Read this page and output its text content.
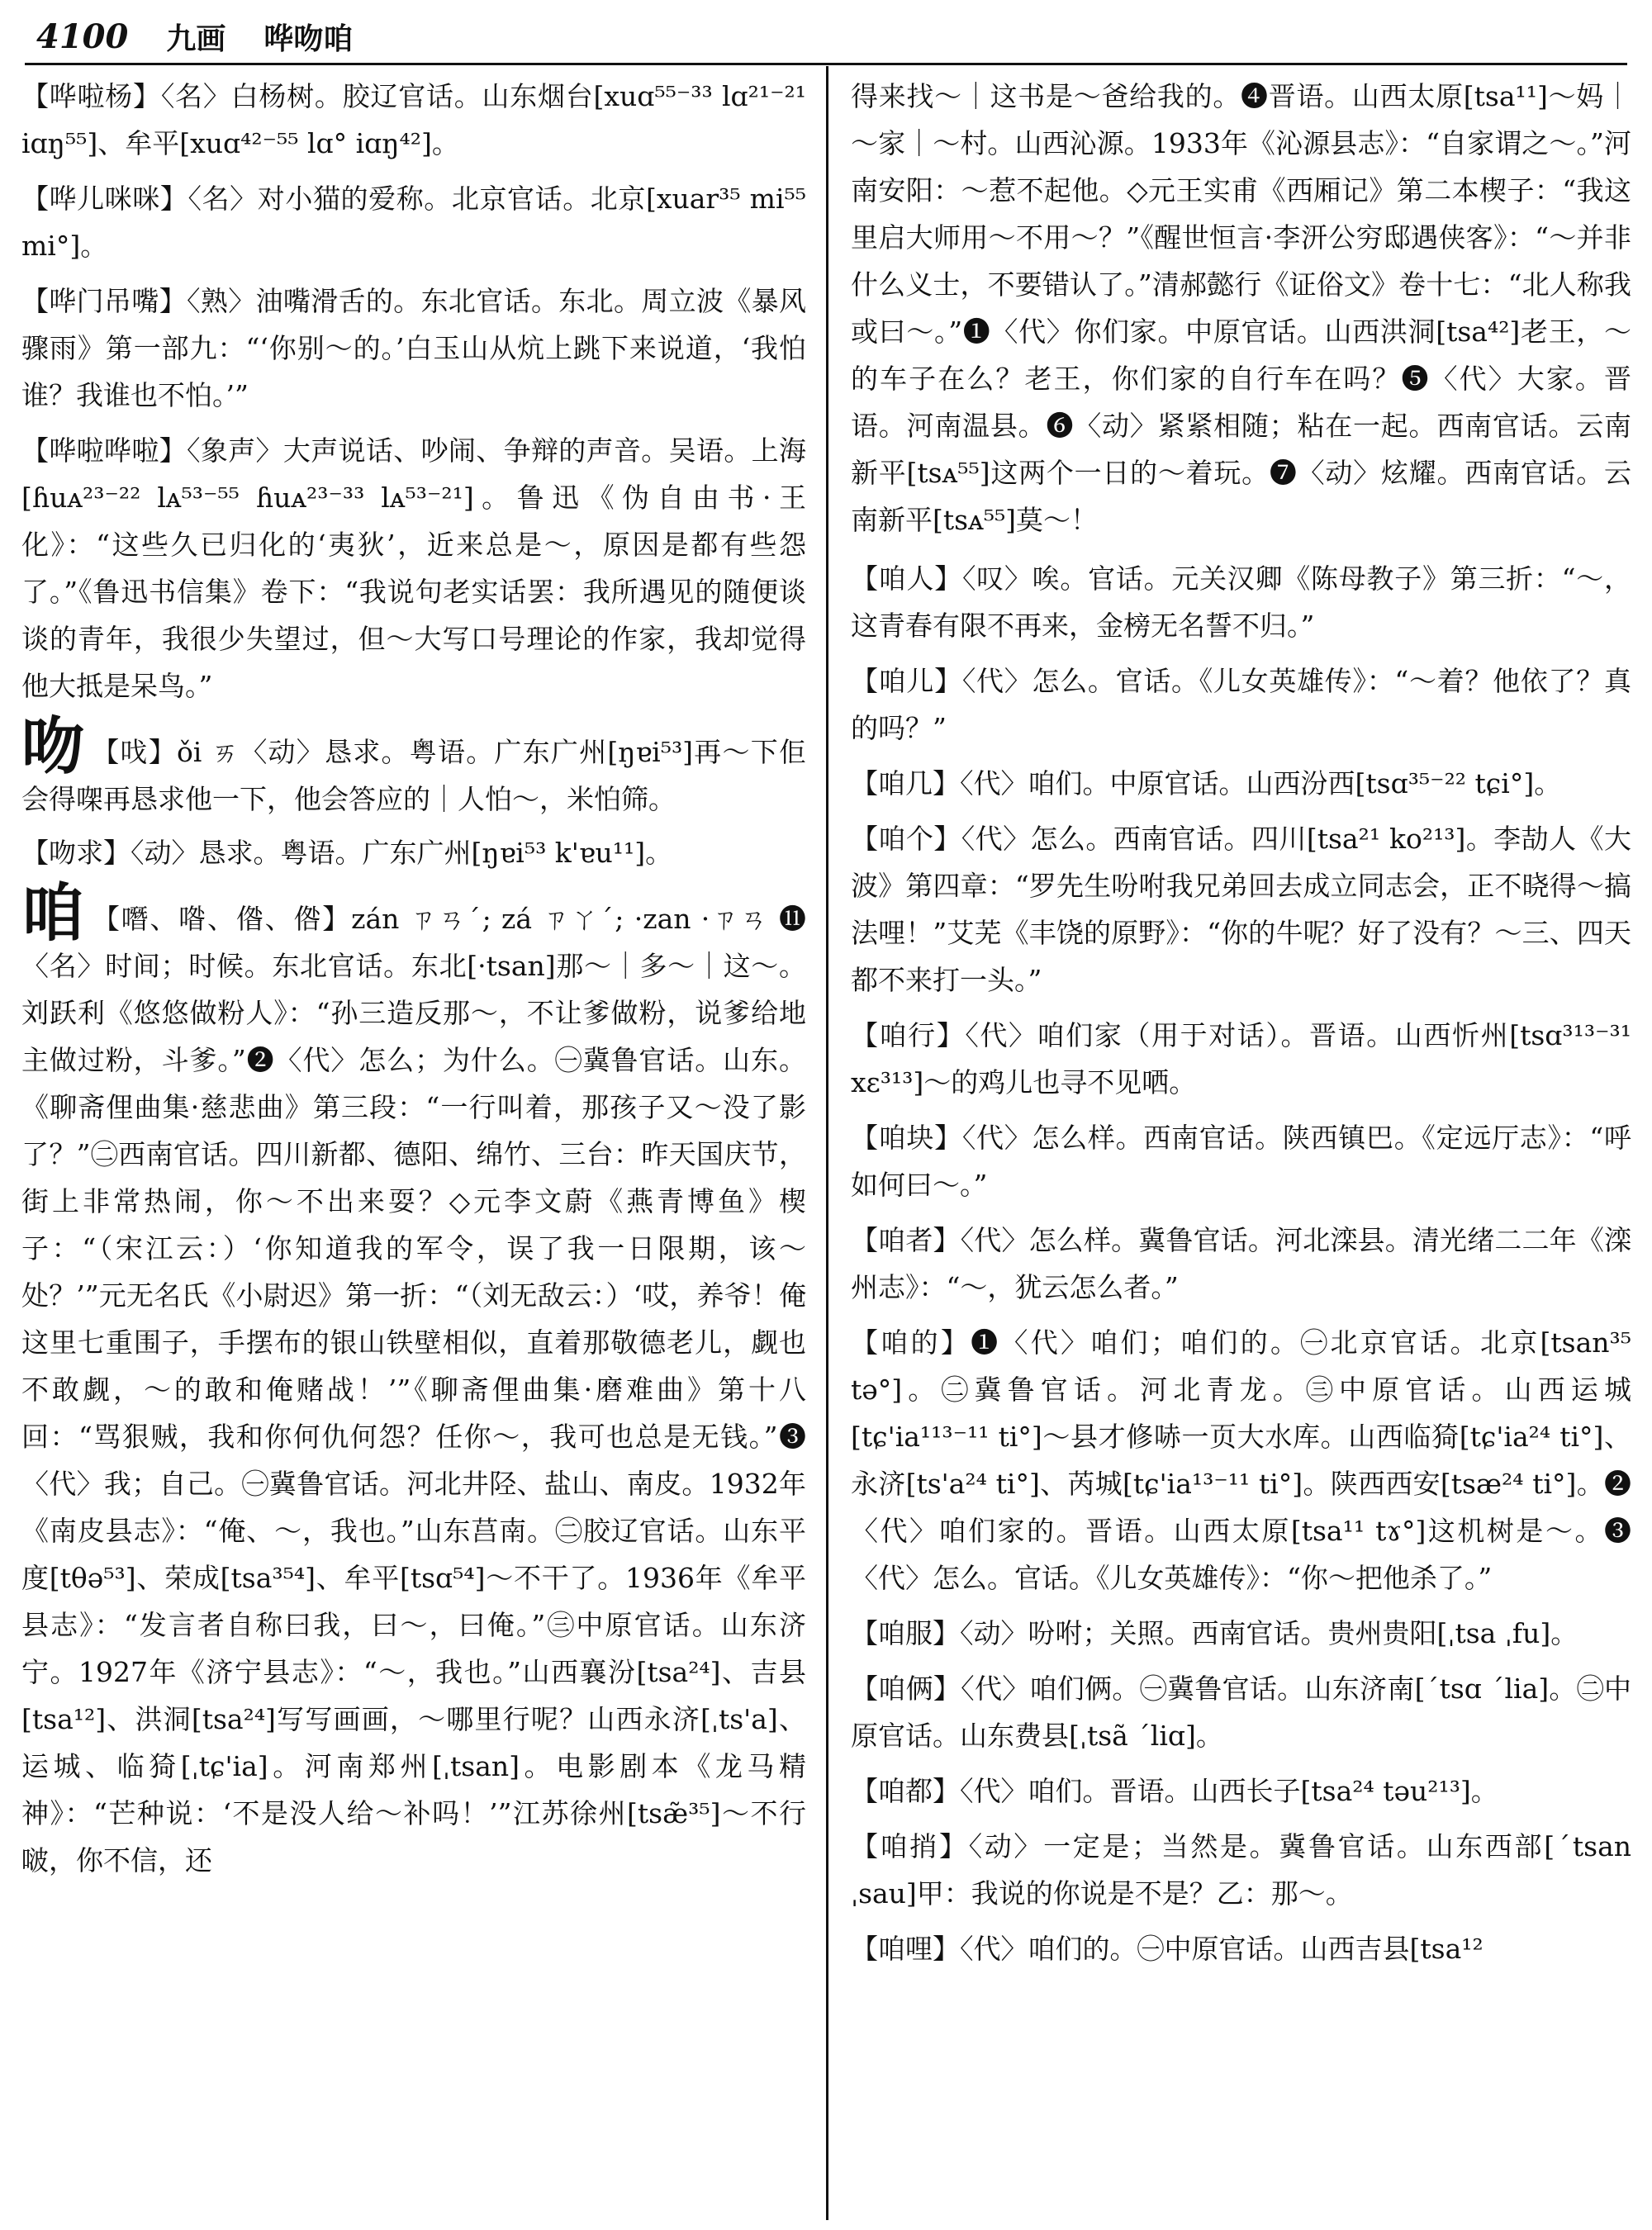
4100 九画 哗吻咱

【哗啦杨】〈名〉白杨树。胶辽官话。山东烟台[xuɑ⁵⁵⁻³³ lɑ²¹⁻²¹ iɑŋ⁵⁵]、牟平[xuɑ⁴²⁻⁵⁵ lɑ° iɑŋ⁴²]。

【哗儿咪咪】〈名〉对小猫的爱称。北京官话。北京[xuar³⁵ mi⁵⁵ mi°]。

【哗门吊嘴】〈熟〉油嘴滑舌的。东北官话。东北。周立波《暴风骤雨》第一部九：“‘你别～的。’白玉山从炕上跳下来说道，‘我怕谁？我谁也不怕。’”

【哗啦哗啦】〈象声〉大声说话、吵闹、争辩的声音。吴语。上海[ɦuᴀ²³⁻²² lᴀ⁵³⁻⁵⁵ ɦuᴀ²³⁻³³ lᴀ⁵³⁻²¹]。鲁迅《伪自由书·王化》：“这些久已归化的‘夷狄’，近来总是～，原因是都有些怨了。”《鲁迅书信集》卷下：“我说句老实话罢：我所遇见的随便谈谈的青年，我很少失望过，但～大写口号理论的作家，我却觉得他大抵是呆鸟。”

吻 【𠯫】ǒi ㄞ〈动〉恳求。粤语。广东广州[ŋɐi⁵³]再～下佢会得㗎再恳求他一下，他会答应的｜人怕～，米怕筛。

【吻求】〈动〉恳求。粤语。广东广州[ŋɐi⁵³ k'ɐu¹¹]。

咱 【噆、喒、偺、倃】zán ㄗㄢˊ; zá ㄗㄚˊ; ·zan ·ㄗㄢ ⓫〈名〉时间；时候。东北官话。东北[·tsan]那～｜多～｜这～。刘跃利《悠悠做粉人》：“孙三造反那～，不让爹做粉，说爹给地主做过粉，斗爹。”❷〈代〉怎么；为什么。㊀冀鲁官话。山东。《聊斋俚曲集·慈悲曲》第三段：“一行叫着，那孩子又～没了影了？”㊁西南官话。四川新都、德阳、绵竹、三台：昨天国庆节，街上非常热闹，你～不出来耍？◇元李文蔚《燕青博鱼》楔子：“（宋江云：）‘你知道我的军令，误了我一日限期，该～处？’”元无名氏《小尉迟》第一折：“（刘无敌云：）‘哎，养爷！俺这里七重围子，手摆布的银山铁壁相似，直着那敬德老儿，觑也不敢觑，～的敢和俺赌战！’”《聊斋俚曲集·磨难曲》第十八回：“骂狠贼，我和你何仇何怨？任你～，我可也总是无钱。”❸〈代〉我；自己。㊀冀鲁官话。河北井陉、盐山、南皮。1932年《南皮县志》：“俺、～，我也。”山东莒南。㊁胶辽官话。山东平度[tθə⁵³]、荣成[tsa³⁵⁴]、牟平[tsɑ⁵⁴]～不干了。1936年《牟平县志》：“发言者自称曰我，曰～，曰俺。”㊂中原官话。山东济宁。1927年《济宁县志》：“～，我也。”山西襄汾[tsa²⁴]、吉县[tsa¹²]、洪洞[tsa²⁴]写写画画，～哪里行呢？山西永济[ˌts'a]、运城、临猗[ˌtɕ'ia]。河南郑州[ˌtsan]。电影剧本《龙马精神》：“芒种说：‘不是没人给～补吗！’”江苏徐州[tsæ̃³⁵]～不行啵，你不信，还

得来找～｜这书是～爸给我的。❹晋语。山西太原[tsa¹¹]～妈｜～家｜～村。山西沁源。1933年《沁源县志》：“自家谓之～。”河南安阳：～惹不起他。◇元王实甫《西厢记》第二本楔子：“我这里启大师用～不用～？”《醒世恒言·李汧公穷邸遇侠客》：“～并非什么义士，不要错认了。”清郝懿行《证俗文》卷十七：“北人称我或曰～。”❶〈代〉你们家。中原官话。山西洪洞[tsa⁴²]老王，～的车子在么？老王，你们家的自行车在吗？❺〈代〉大家。晋语。河南温县。❻〈动〉紧紧相随；粘在一起。西南官话。云南新平[tsᴀ⁵⁵]这两个一日的～着玩。❼〈动〉炫耀。西南官话。云南新平[tsᴀ⁵⁵]莫～！

【咱人】〈叹〉唉。官话。元关汉卿《陈母教子》第三折：“～，这青春有限不再来，金榜无名誓不归。”

【咱儿】〈代〉怎么。官话。《儿女英雄传》：“～着？他依了？真的吗？”

【咱几】〈代〉咱们。中原官话。山西汾西[tsɑ³⁵⁻²² tɕi°]。

【咱个】〈代〉怎么。西南官话。四川[tsa²¹ ko²¹³]。李劼人《大波》第四章：“罗先生吩咐我兄弟回去成立同志会，正不晓得～搞法哩！”艾芜《丰饶的原野》：“你的牛呢？好了没有？～三、四天都不来打一头。”

【咱行】〈代〉咱们家（用于对话）。晋语。山西忻州[tsɑ³¹³⁻³¹ xɛ³¹³]～的鸡儿也寻不见哂。

【咱块】〈代〉怎么样。西南官话。陕西镇巴。《定远厅志》：“呼如何曰～。”

【咱者】〈代〉怎么样。冀鲁官话。河北滦县。清光绪二二年《滦州志》：“～，犹云怎么者。”

【咱的】❶〈代〉咱们；咱们的。㊀北京官话。北京[tsan³⁵ tə°]。㊁冀鲁官话。河北青龙。㊂中原官话。山西运城[tɕ'ia¹¹³⁻¹¹ ti°]～县才修哧一页大水库。山西临猗[tɕ'ia²⁴ ti°]、永济[ts'a²⁴ ti°]、芮城[tɕ'ia¹³⁻¹¹ ti°]。陕西西安[tsæ²⁴ ti°]。❷〈代〉咱们家的。晋语。山西太原[tsa¹¹ tɤ°]这机树是～。❸〈代〉怎么。官话。《儿女英雄传》：“你～把他杀了。”

【咱服】〈动〉吩咐；关照。西南官话。贵州贵阳[ˌtsa ˌfu]。

【咱俩】〈代〉咱们俩。㊀冀鲁官话。山东济南[ˊtsɑ ˊlia]。㊁中原官话。山东费县[ˌtsã ˊliɑ]。

【咱都】〈代〉咱们。晋语。山西长子[tsa²⁴ təu²¹³]。

【咱捎】〈动〉一定是；当然是。冀鲁官话。山东西部[ˊtsan ˌsau]甲：我说的你说是不是？乙：那～。

【咱哩】〈代〉咱们的。㊀中原官话。山西吉县[tsa¹²
